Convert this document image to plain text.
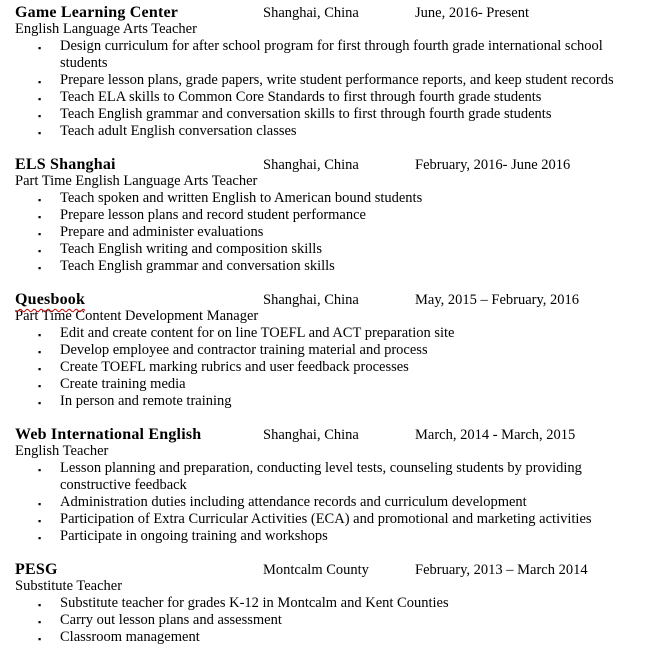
Game Learning Center	Shanghai, China	June, 2016- Present
English Language Arts Teacher
▪ Design curriculum for after school program for first through fourth grade international school students
▪ Prepare lesson plans, grade papers, write student performance reports, and keep student records
▪ Teach ELA skills to Common Core Standards to first through fourth grade students
▪ Teach English grammar and conversation skills to first through fourth grade students
▪ Teach adult English conversation classes
ELS Shanghai	Shanghai, China	February, 2016- June 2016
Part Time English Language Arts Teacher
▪ Teach spoken and written English to American bound students
▪ Prepare lesson plans and record student performance
▪ Prepare and administer evaluations
▪ Teach English writing and composition skills
▪ Teach English grammar and conversation skills
Quesbook	Shanghai, China	May, 2015 – February, 2016
Part Time Content Development Manager
▪ Edit and create content for on line TOEFL and ACT preparation site
▪ Develop employee and contractor training material and process
▪ Create TOEFL marking rubrics and user feedback processes
▪ Create training media
▪ In person and remote training
Web International English	Shanghai, China	March, 2014 - March, 2015
English Teacher
▪ Lesson planning and preparation, conducting level tests, counseling students by providing constructive feedback
▪ Administration duties including attendance records and curriculum development
▪ Participation of Extra Curricular Activities (ECA) and promotional and marketing activities
▪ Participate in ongoing training and workshops
PESG	Montcalm County	February, 2013 – March 2014
Substitute Teacher
▪ Substitute teacher for grades K-12 in Montcalm and Kent Counties
▪ Carry out lesson plans and assessment
▪ Classroom management
